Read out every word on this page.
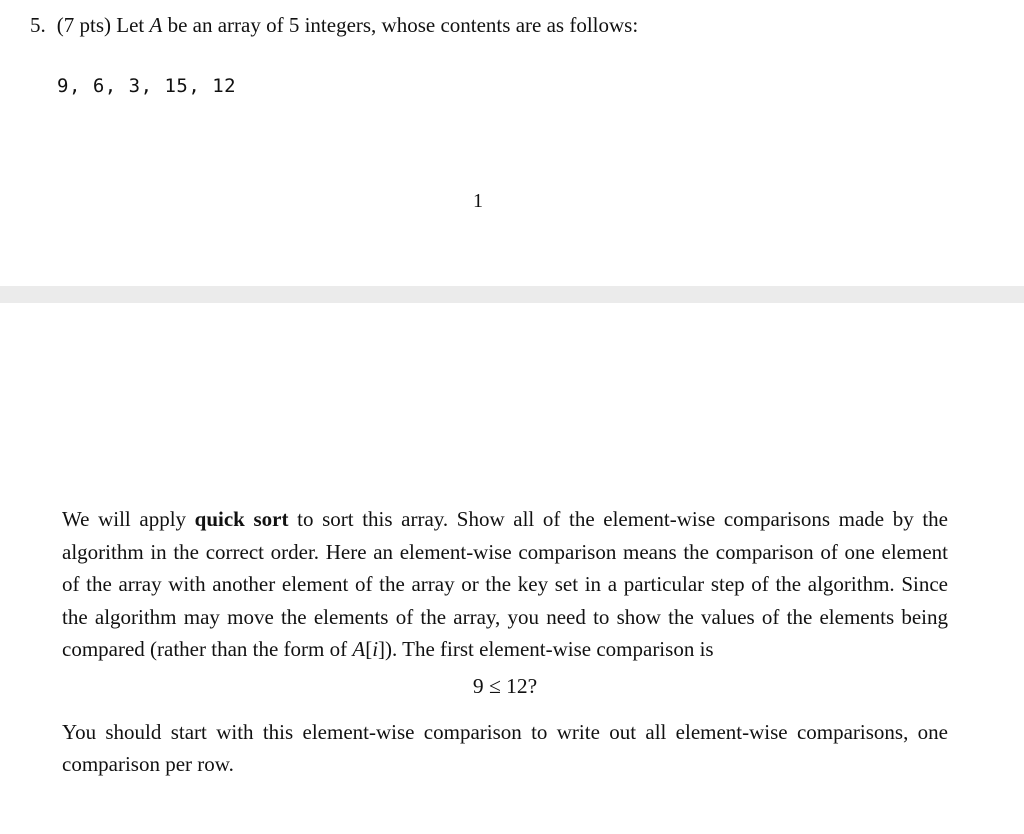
5. (7 pts) Let A be an array of 5 integers, whose contents are as follows:
9, 6, 3, 15, 12
1
We will apply quick sort to sort this array. Show all of the element-wise comparisons made by the algorithm in the correct order. Here an element-wise comparison means the comparison of one element of the array with another element of the array or the key set in a particular step of the algorithm. Since the algorithm may move the elements of the array, you need to show the values of the elements being compared (rather than the form of A[i]). The first element-wise comparison is
9 ≤ 12?
You should start with this element-wise comparison to write out all element-wise comparisons, one comparison per row.
